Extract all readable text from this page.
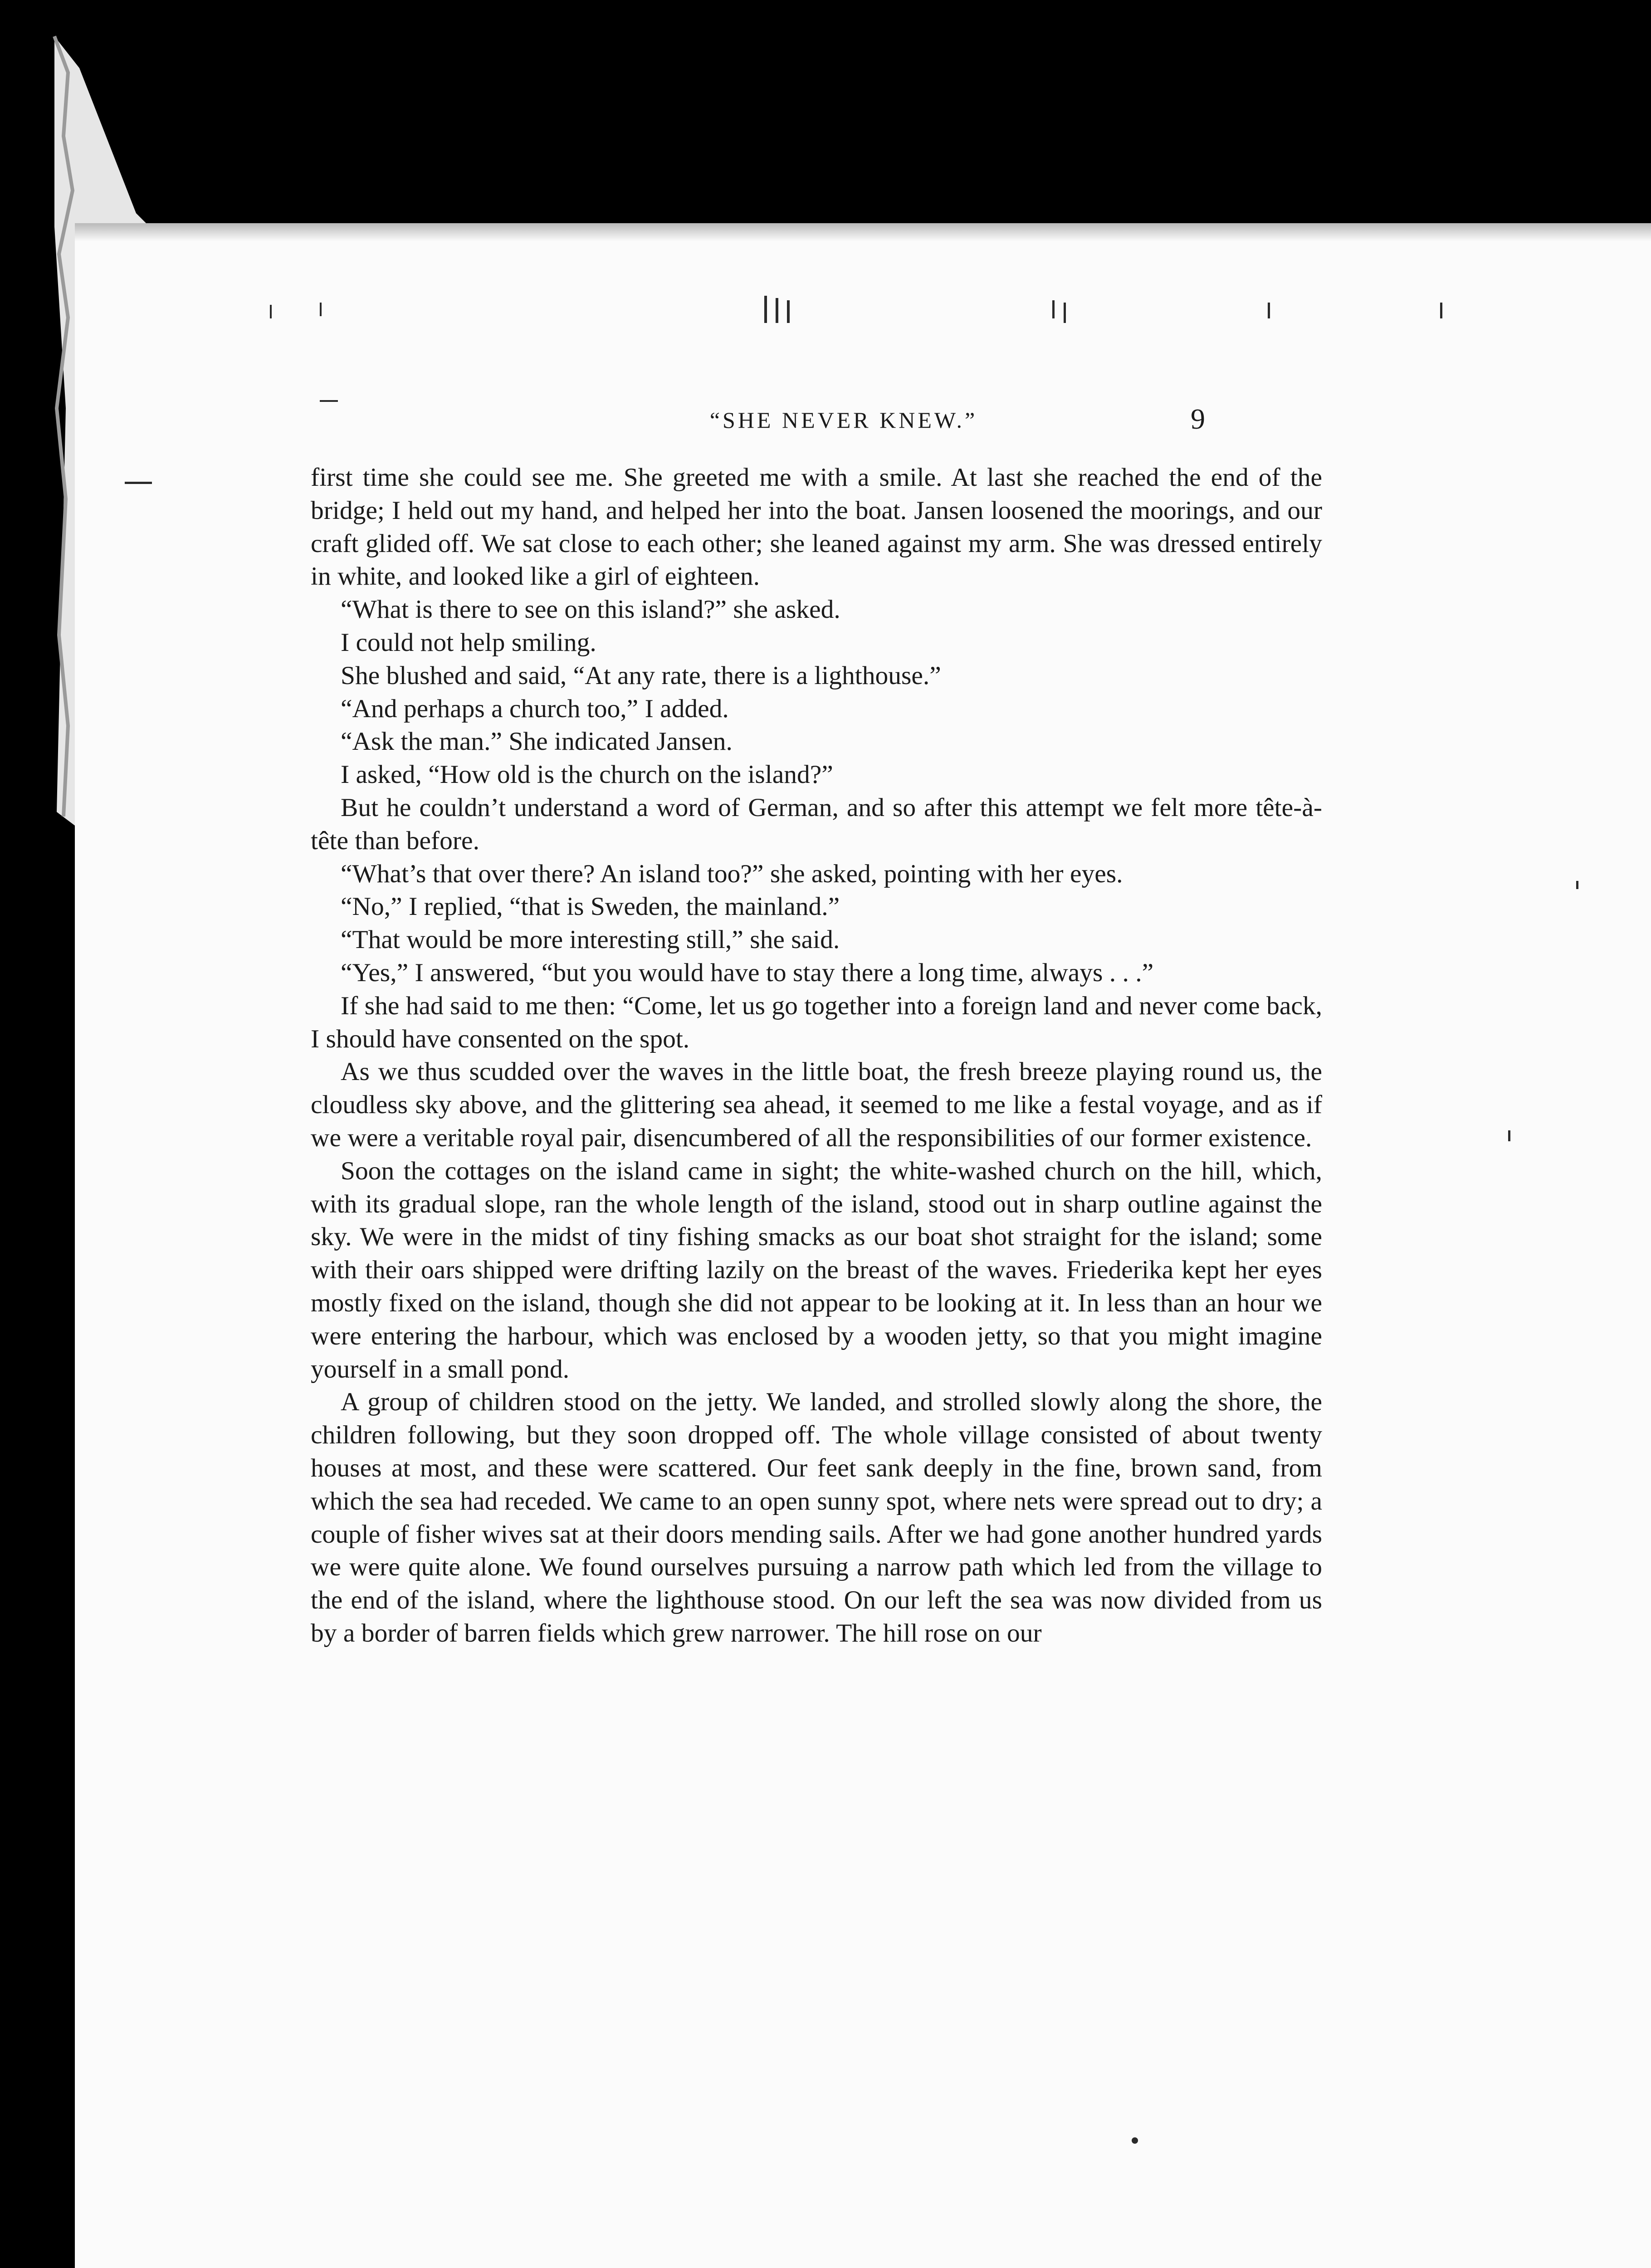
“SHE NEVER KNEW.”	9

first time she could see me. She greeted me with a smile. At last she reached the end of the bridge; I held out my hand, and helped her into the boat. Jansen loosened the moorings, and our craft glided off. We sat close to each other; she leaned against my arm. She was dressed entirely in white, and looked like a girl of eighteen.

“What is there to see on this island?” she asked.

I could not help smiling.

She blushed and said, “At any rate, there is a lighthouse.”

“And perhaps a church too,” I added.

“Ask the man.” She indicated Jansen.

I asked, “How old is the church on the island?”

But he couldn’t understand a word of German, and so after this attempt we felt more tête-à-tête than before.

“What’s that over there? An island too?” she asked, pointing with her eyes.

“No,” I replied, “that is Sweden, the mainland.”

“That would be more interesting still,” she said.

“Yes,” I answered, “but you would have to stay there a long time, always . . .”

If she had said to me then: “Come, let us go together into a foreign land and never come back, I should have consented on the spot.

As we thus scudded over the waves in the little boat, the fresh breeze playing round us, the cloudless sky above, and the glittering sea ahead, it seemed to me like a festal voyage, and as if we were a veritable royal pair, disencumbered of all the responsibilities of our former existence.

Soon the cottages on the island came in sight; the white-washed church on the hill, which, with its gradual slope, ran the whole length of the island, stood out in sharp outline against the sky. We were in the midst of tiny fishing smacks as our boat shot straight for the island; some with their oars shipped were drifting lazily on the breast of the waves. Friederika kept her eyes mostly fixed on the island, though she did not appear to be looking at it. In less than an hour we were entering the harbour, which was enclosed by a wooden jetty, so that you might imagine yourself in a small pond.

A group of children stood on the jetty. We landed, and strolled slowly along the shore, the children following, but they soon dropped off. The whole village consisted of about twenty houses at most, and these were scattered. Our feet sank deeply in the fine, brown sand, from which the sea had receded. We came to an open sunny spot, where nets were spread out to dry; a couple of fisher wives sat at their doors mending sails. After we had gone another hundred yards we were quite alone. We found ourselves pursuing a narrow path which led from the village to the end of the island, where the lighthouse stood. On our left the sea was now divided from us by a border of barren fields which grew narrower. The hill rose on our
